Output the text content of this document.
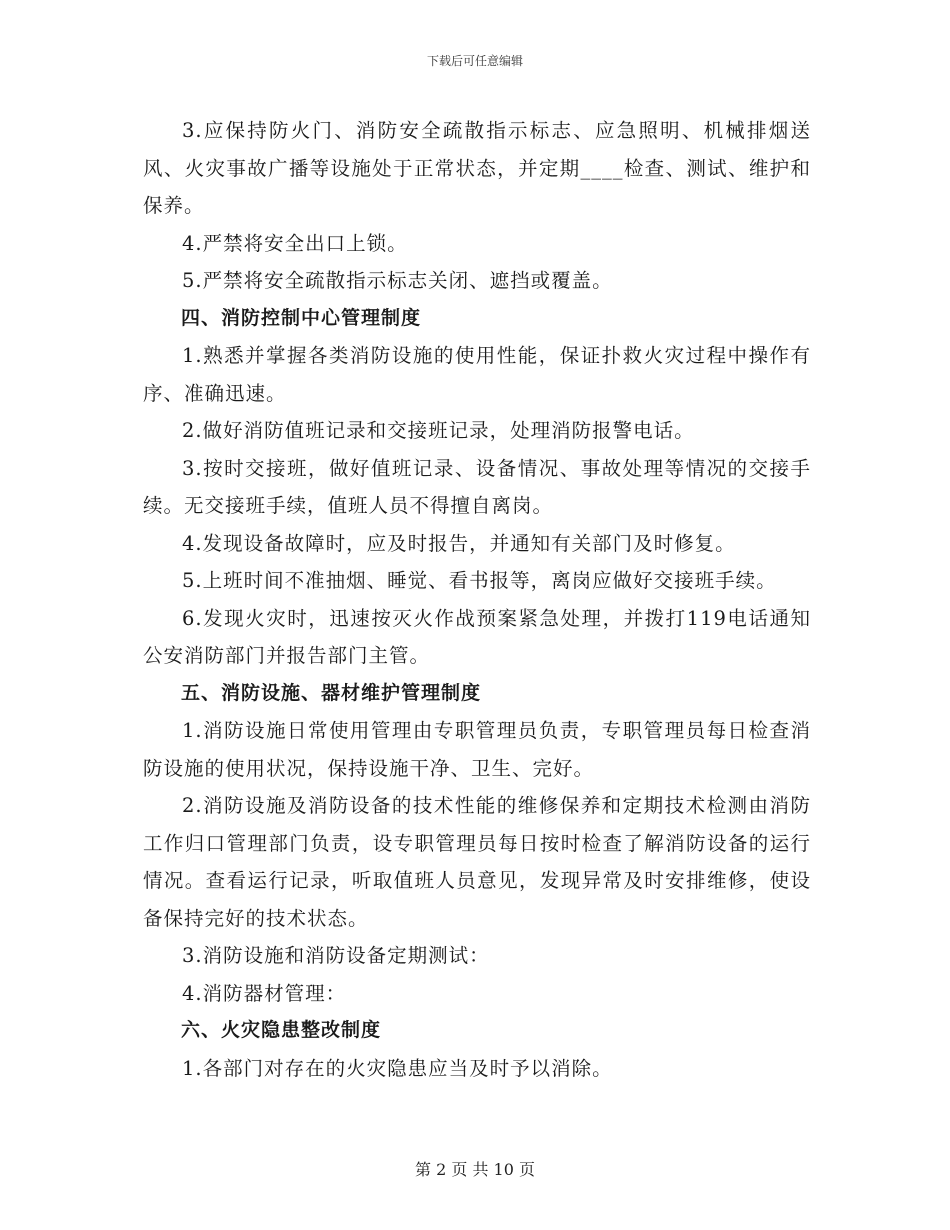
下载后可任意编辑

3.应保持防火门、消防安全疏散指示标志、应急照明、机械排烟送风、火灾事故广播等设施处于正常状态，并定期____检查、测试、维护和保养。

4.严禁将安全出口上锁。

5.严禁将安全疏散指示标志关闭、遮挡或覆盖。

四、消防控制中心管理制度

1.熟悉并掌握各类消防设施的使用性能，保证扑救火灾过程中操作有序、准确迅速。

2.做好消防值班记录和交接班记录，处理消防报警电话。

3.按时交接班，做好值班记录、设备情况、事故处理等情况的交接手续。无交接班手续，值班人员不得擅自离岗。

4.发现设备故障时，应及时报告，并通知有关部门及时修复。

5.上班时间不准抽烟、睡觉、看书报等，离岗应做好交接班手续。

6.发现火灾时，迅速按灭火作战预案紧急处理，并拨打119电话通知公安消防部门并报告部门主管。

五、消防设施、器材维护管理制度

1.消防设施日常使用管理由专职管理员负责，专职管理员每日检查消防设施的使用状况，保持设施干净、卫生、完好。

2.消防设施及消防设备的技术性能的维修保养和定期技术检测由消防工作归口管理部门负责，设专职管理员每日按时检查了解消防设备的运行情况。查看运行记录，听取值班人员意见，发现异常及时安排维修，使设备保持完好的技术状态。

3.消防设施和消防设备定期测试：

4.消防器材管理：

六、火灾隐患整改制度

1.各部门对存在的火灾隐患应当及时予以消除。

第 2 页 共 10 页
